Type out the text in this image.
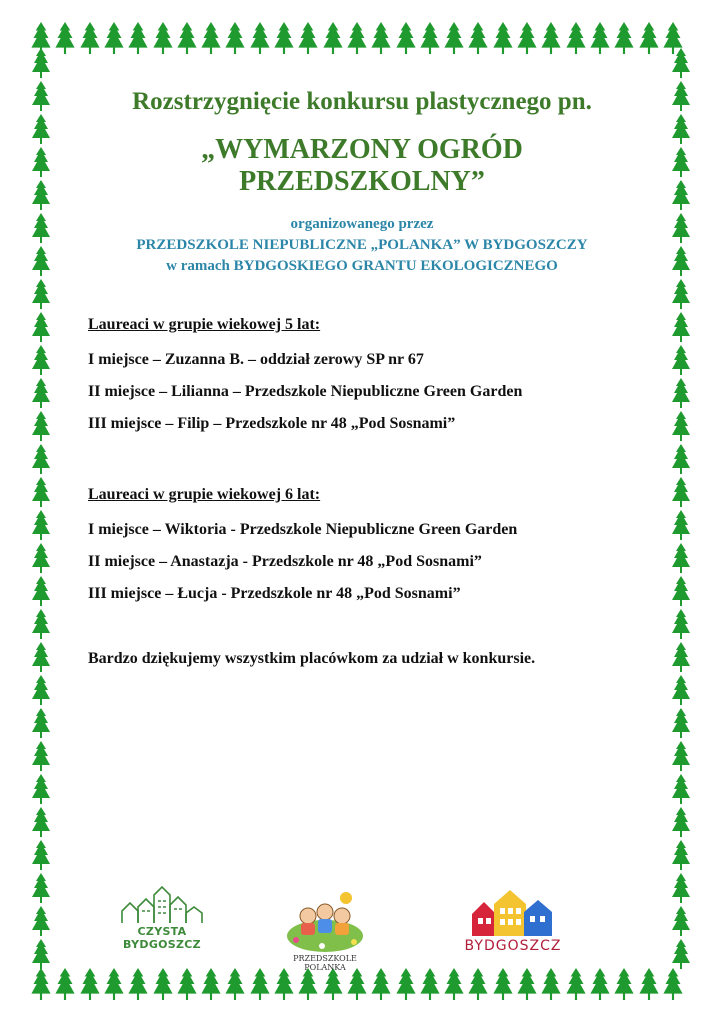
Rozstrzygnięcie konkursu plastycznego pn.
„WYMARZONY OGRÓD
PRZEDSZKOLNY”
organizowanego przez
PRZEDSZKOLE NIEPUBLICZNE „POLANKA” W BYDGOSZCZY
w ramach BYDGOSKIEGO GRANTU EKOLOGICZNEGO
Laureaci w grupie wiekowej 5 lat:
I miejsce – Zuzanna B. – oddział zerowy SP nr 67
II miejsce – Lilianna – Przedszkole Niepubliczne Green Garden
III miejsce – Filip – Przedszkole nr 48 „Pod Sosnami”
Laureaci w grupie wiekowej 6 lat:
I miejsce – Wiktoria - Przedszkole Niepubliczne Green Garden
II miejsce – Anastazja - Przedszkole nr 48 „Pod Sosnami”
III miejsce – Łucja - Przedszkole nr 48 „Pod Sosnami”
Bardzo dziękujemy wszystkim placówkom za udział w konkursie.
CZYSTA BYDGOSZCZ
PRZEDSZKOLE
POLANKA
BYDGOSZCZ
